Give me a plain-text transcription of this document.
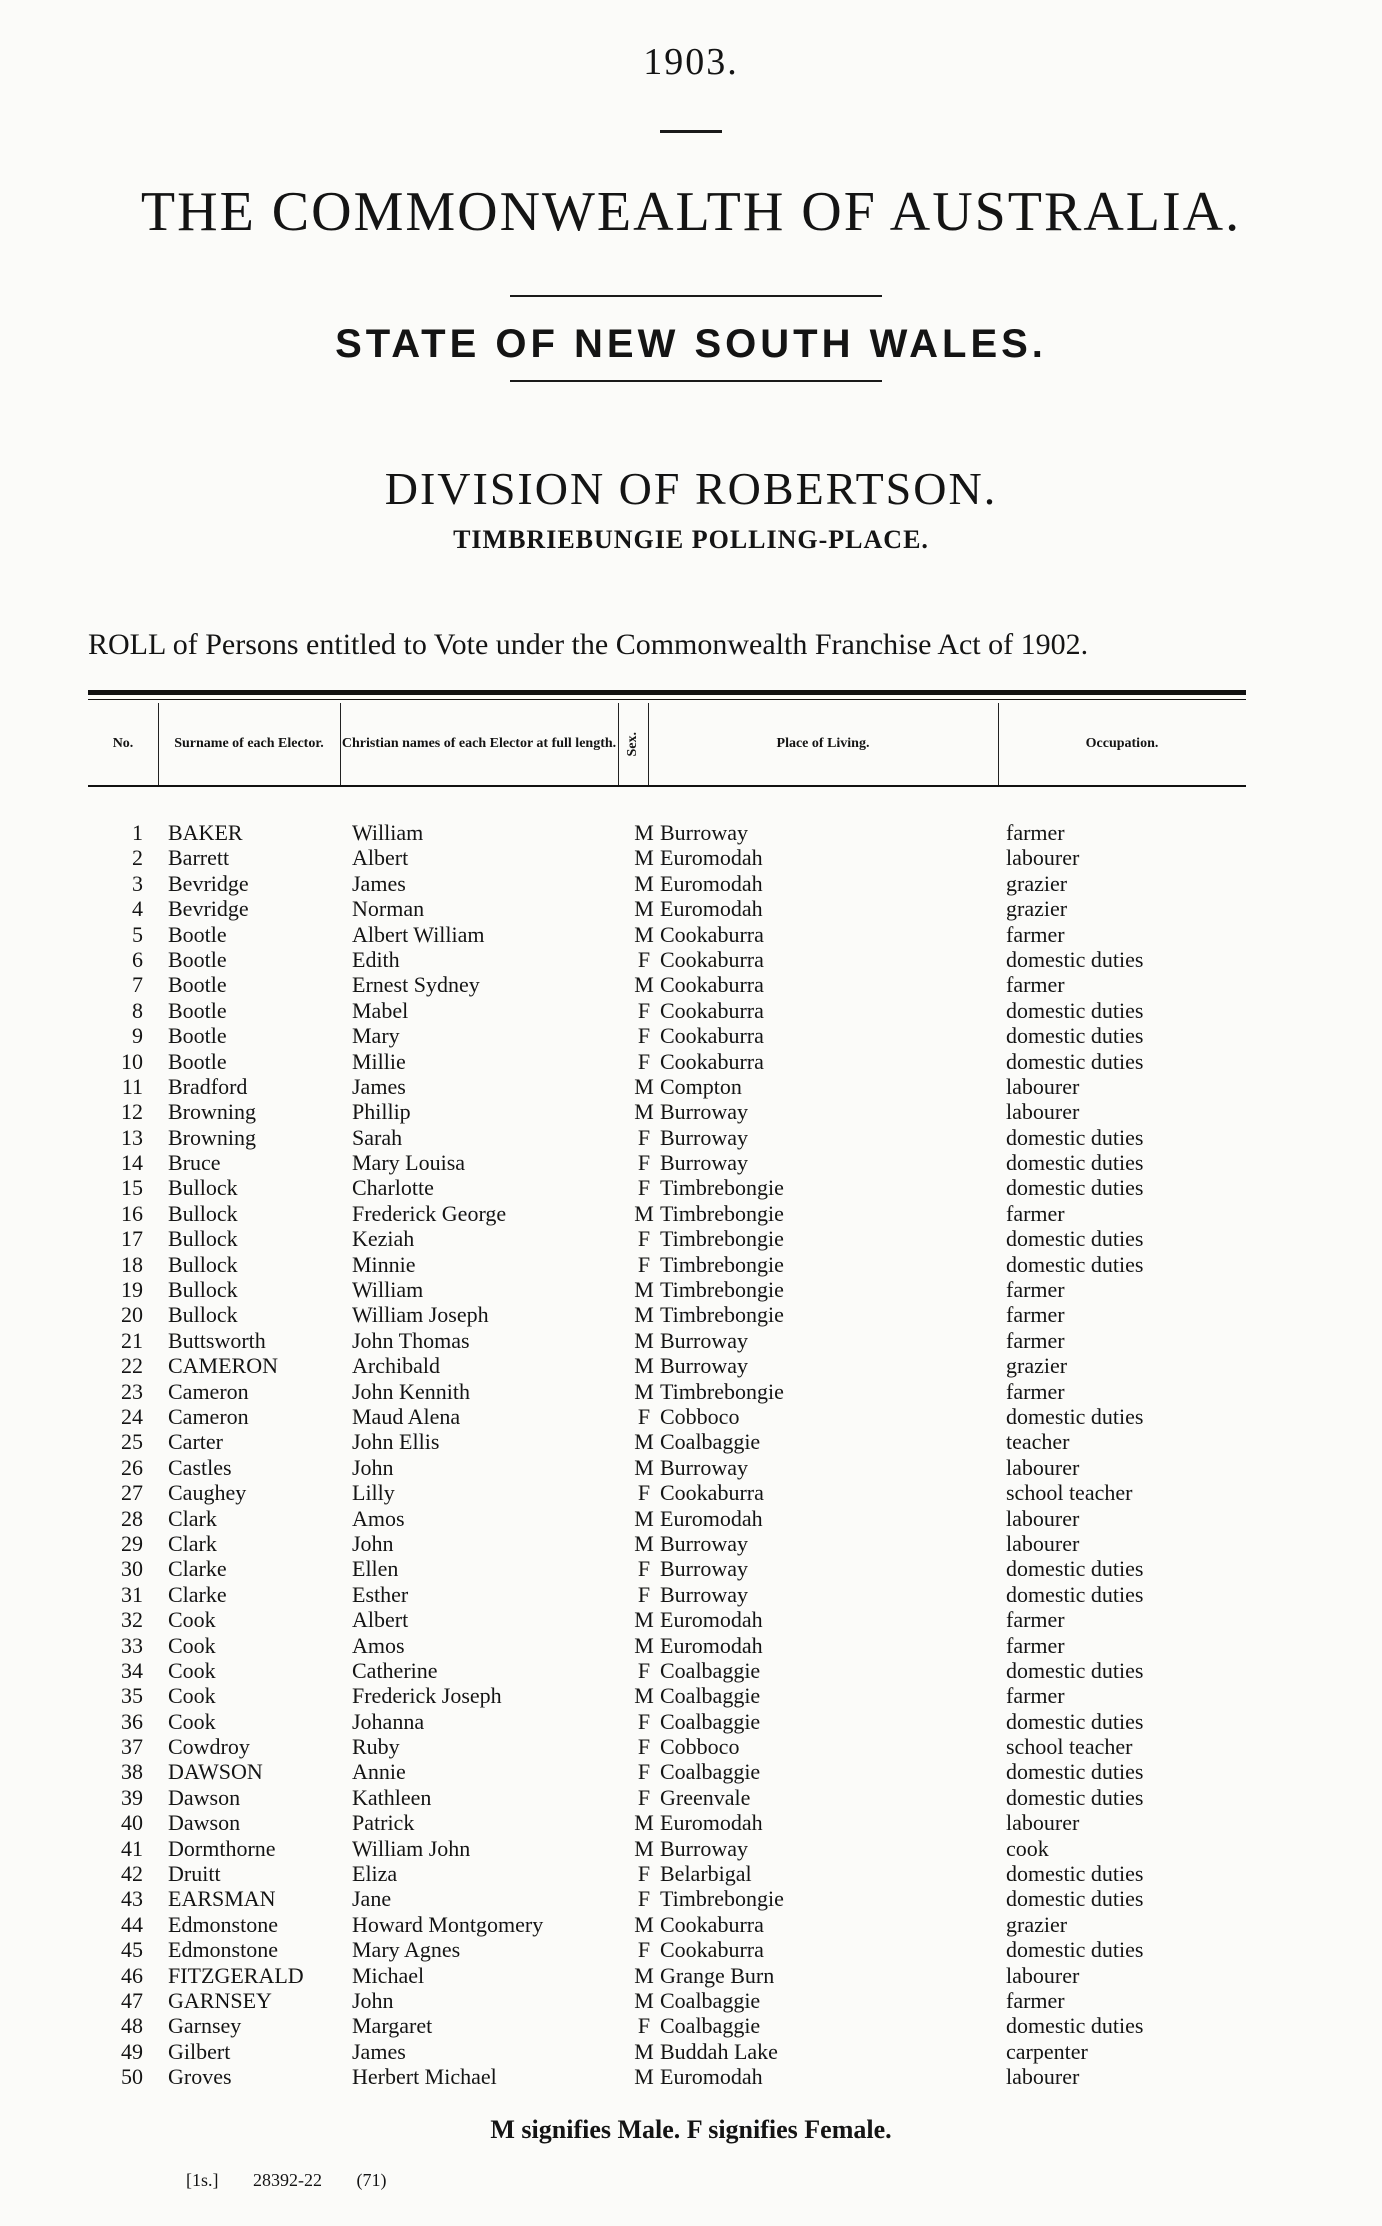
1903.
THE COMMONWEALTH OF AUSTRALIA.
STATE OF NEW SOUTH WALES.
DIVISION OF ROBERTSON.
TIMBRIEBUNGIE POLLING-PLACE.
ROLL of Persons entitled to Vote under the Commonwealth Franchise Act of 1902.
No.	Surname of each Elector.	Christian names of each Elector at full length. Sex.	Place of Living.	Occupation.
1 BAKER	William	M Burroway	farmer
2 Barrett	Albert	M Euromodah	labourer
3 Bevridge	James	M Euromodah	grazier
4 Bevridge	Norman	M Euromodah	grazier
5 Bootle	Albert William	M Cookaburra	farmer
6 Bootle	Edith	F Cookaburra	domestic duties
7 Bootle	Ernest Sydney	M Cookaburra	farmer
8 Bootle	Mabel	F Cookaburra	domestic duties
9 Bootle	Mary	F Cookaburra	domestic duties
10 Bootle	Millie	F Cookaburra	domestic duties
11 Bradford	James	M Compton	labourer
12 Browning	Phillip	M Burroway	labourer
13 Browning	Sarah	F Burroway	domestic duties
14 Bruce	Mary Louisa	F Burroway	domestic duties
15 Bullock	Charlotte	F Timbrebongie	domestic duties
16 Bullock	Frederick George	M Timbrebongie	farmer
17 Bullock	Keziah	F Timbrebongie	domestic duties
18 Bullock	Minnie	F Timbrebongie	domestic duties
19 Bullock	William	M Timbrebongie	farmer
20 Bullock	William Joseph	M Timbrebongie	farmer
21 Buttsworth	John Thomas	M Burroway	farmer
22 CAMERON	Archibald	M Burroway	grazier
23 Cameron	John Kennith	M Timbrebongie	farmer
24 Cameron	Maud Alena	F Cobboco	domestic duties
25 Carter	John Ellis	M Coalbaggie	teacher
26 Castles	John	M Burroway	labourer
27 Caughey	Lilly	F Cookaburra	school teacher
28 Clark	Amos	M Euromodah	labourer
29 Clark	John	M Burroway	labourer
30 Clarke	Ellen	F Burroway	domestic duties
31 Clarke	Esther	F Burroway	domestic duties
32 Cook	Albert	M Euromodah	farmer
33 Cook	Amos	M Euromodah	farmer
34 Cook	Catherine	F Coalbaggie	domestic duties
35 Cook	Frederick Joseph	M Coalbaggie	farmer
36 Cook	Johanna	F Coalbaggie	domestic duties
37 Cowdroy	Ruby	F Cobboco	school teacher
38 DAWSON	Annie	F Coalbaggie	domestic duties
39 Dawson	Kathleen	F Greenvale	domestic duties
40 Dawson	Patrick	M Euromodah	labourer
41 Dormthorne	William John	M Burroway	cook
42 Druitt	Eliza	F Belarbigal	domestic duties
43 EARSMAN	Jane	F Timbrebongie	domestic duties
44 Edmonstone	Howard Montgomery	M Cookaburra	grazier
45 Edmonstone	Mary Agnes	F Cookaburra	domestic duties
46 FITZGERALD Michael	M Grange Burn	labourer
47 GARNSEY	John	M Coalbaggie	farmer
48 Garnsey	Margaret	F Coalbaggie	domestic duties
49 Gilbert	James	M Buddah Lake	carpenter
50 Groves	Herbert Michael	M Euromodah	labourer
M signifies Male. F signifies Female.
[1s.] 28392-22 (71)
